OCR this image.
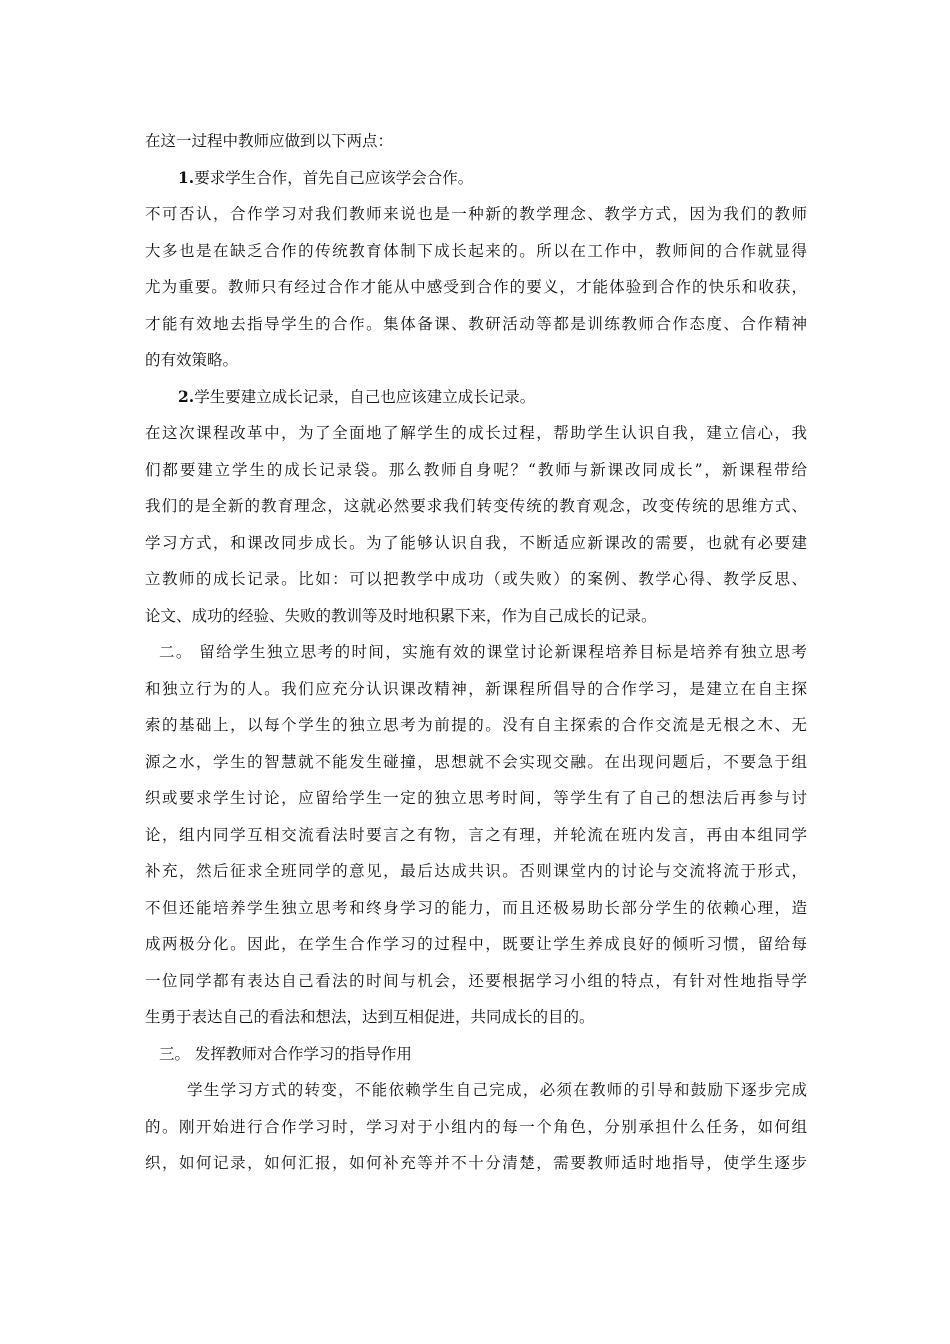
在这一过程中教师应做到以下两点：
1.要求学生合作，首先自己应该学会合作。
不可否认，合作学习对我们教师来说也是一种新的教学理念、教学方式，因为我们的教师
大多也是在缺乏合作的传统教育体制下成长起来的。所以在工作中，教师间的合作就显得
尤为重要。教师只有经过合作才能从中感受到合作的要义，才能体验到合作的快乐和收获，
才能有效地去指导学生的合作。集体备课、教研活动等都是训练教师合作态度、合作精神
的有效策略。
2.学生要建立成长记录，自己也应该建立成长记录。
在这次课程改革中，为了全面地了解学生的成长过程，帮助学生认识自我，建立信心，我
们都要建立学生的成长记录袋。那么教师自身呢？“教师与新课改同成长”，新课程带给
我们的是全新的教育理念，这就必然要求我们转变传统的教育观念，改变传统的思维方式、
学习方式，和课改同步成长。为了能够认识自我，不断适应新课改的需要，也就有必要建
立教师的成长记录。比如：可以把教学中成功（或失败）的案例、教学心得、教学反思、
论文、成功的经验、失败的教训等及时地积累下来，作为自己成长的记录。
二。 留给学生独立思考的时间，实施有效的课堂讨论新课程培养目标是培养有独立思考
和独立行为的人。我们应充分认识课改精神，新课程所倡导的合作学习，是建立在自主探
索的基础上，以每个学生的独立思考为前提的。没有自主探索的合作交流是无根之木、无
源之水，学生的智慧就不能发生碰撞，思想就不会实现交融。在出现问题后，不要急于组
织或要求学生讨论，应留给学生一定的独立思考时间，等学生有了自己的想法后再参与讨
论，组内同学互相交流看法时要言之有物，言之有理，并轮流在班内发言，再由本组同学
补充，然后征求全班同学的意见，最后达成共识。否则课堂内的讨论与交流将流于形式，
不但还能培养学生独立思考和终身学习的能力，而且还极易助长部分学生的依赖心理，造
成两极分化。因此，在学生合作学习的过程中，既要让学生养成良好的倾听习惯，留给每
一位同学都有表达自己看法的时间与机会，还要根据学习小组的特点，有针对性地指导学
生勇于表达自己的看法和想法，达到互相促进，共同成长的目的。
三。 发挥教师对合作学习的指导作用
学生学习方式的转变，不能依赖学生自己完成，必须在教师的引导和鼓励下逐步完成
的。刚开始进行合作学习时，学习对于小组内的每一个角色，分别承担什么任务，如何组
织，如何记录，如何汇报，如何补充等并不十分清楚，需要教师适时地指导，使学生逐步
